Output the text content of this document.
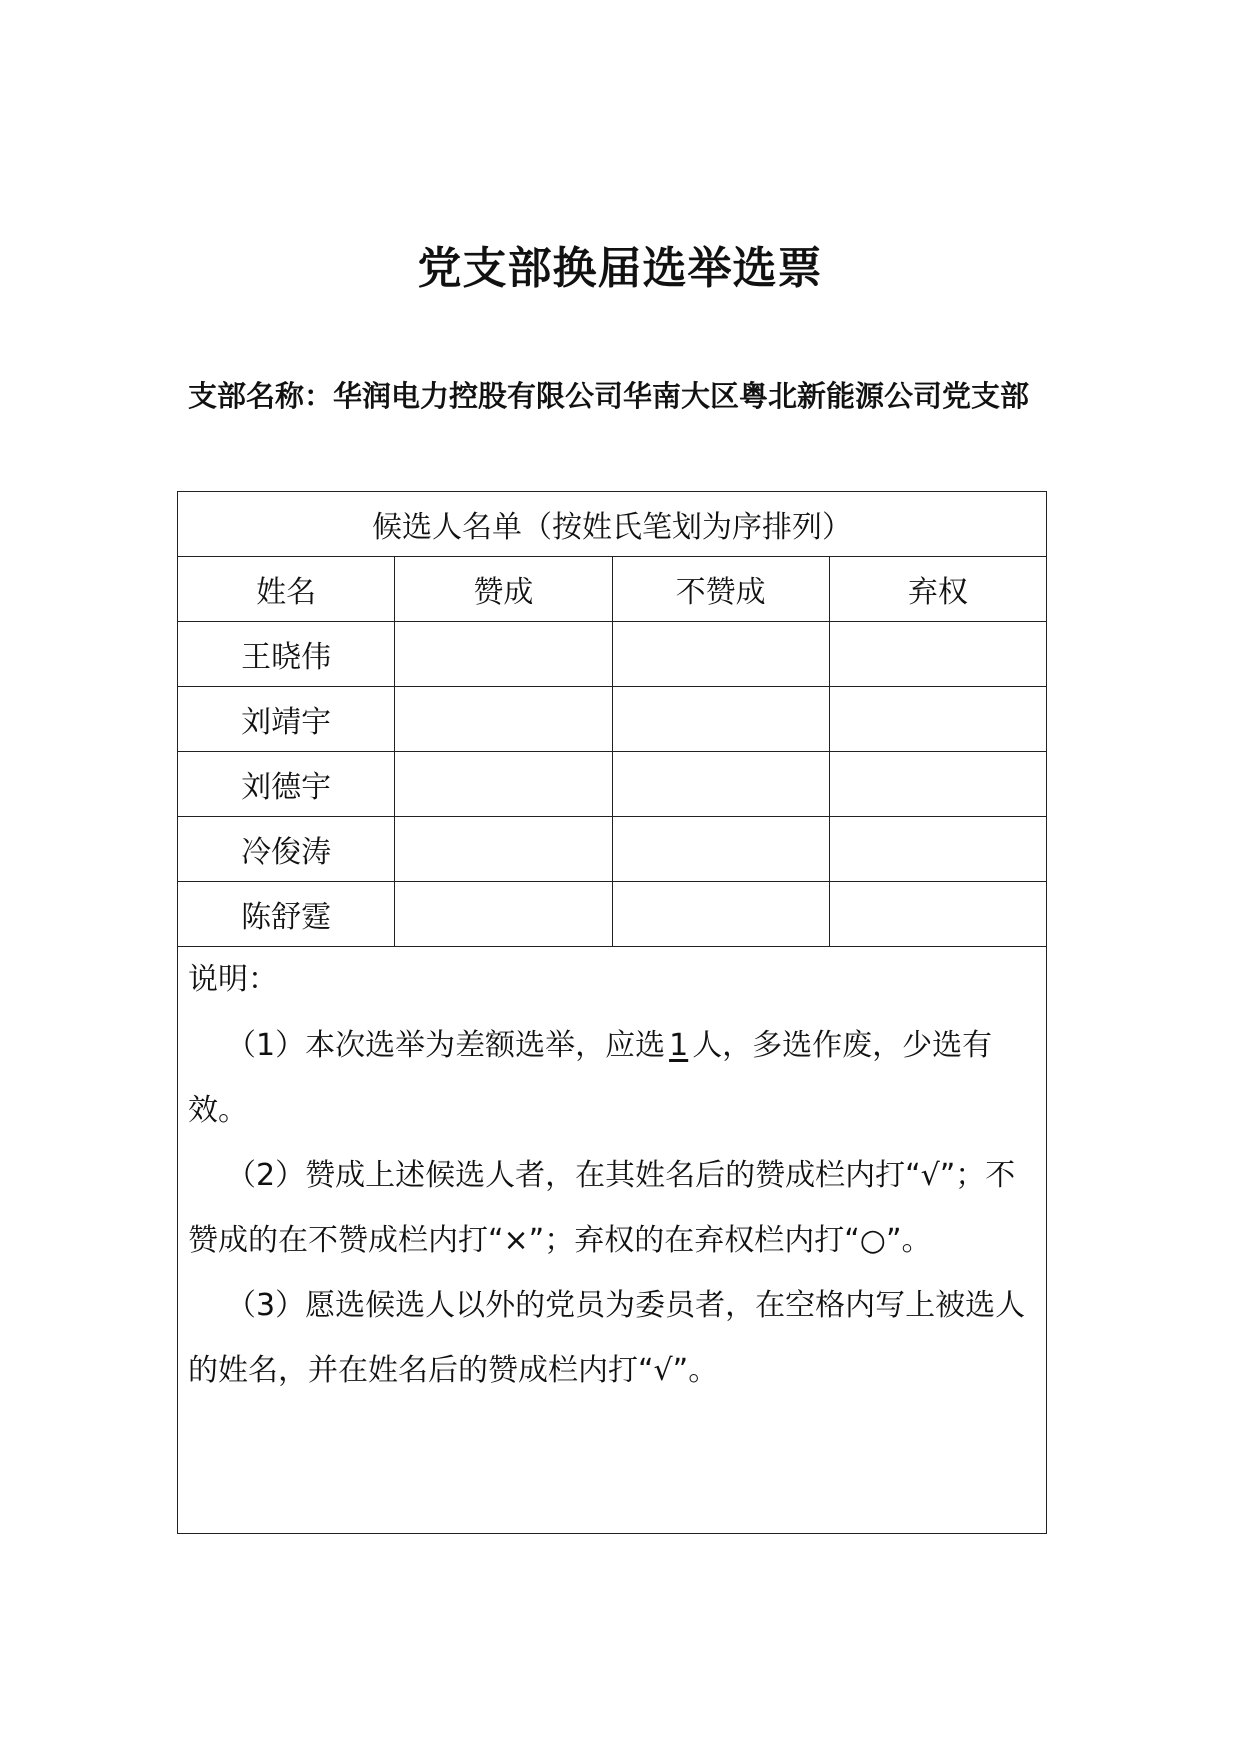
党支部换届选举选票
支部名称：华润电力控股有限公司华南大区粤北新能源公司党支部
候选人名单（按姓氏笔划为序排列）			
姓名	赞成	不赞成	弃权
王晓伟			
刘靖宇			
刘德宇			
冷俊涛			
陈舒霆			

说明：

（1）本次选举为差额选举，应选 1 人，多选作废，少选有效。

（2）赞成上述候选人者，在其姓名后的赞成栏内打“√”；不赞成的在不赞成栏内打“×”；弃权的在弃权栏内打“○”。

（3）愿选候选人以外的党员为委员者，在空格内写上被选人的姓名，并在姓名后的赞成栏内打“√”。			
